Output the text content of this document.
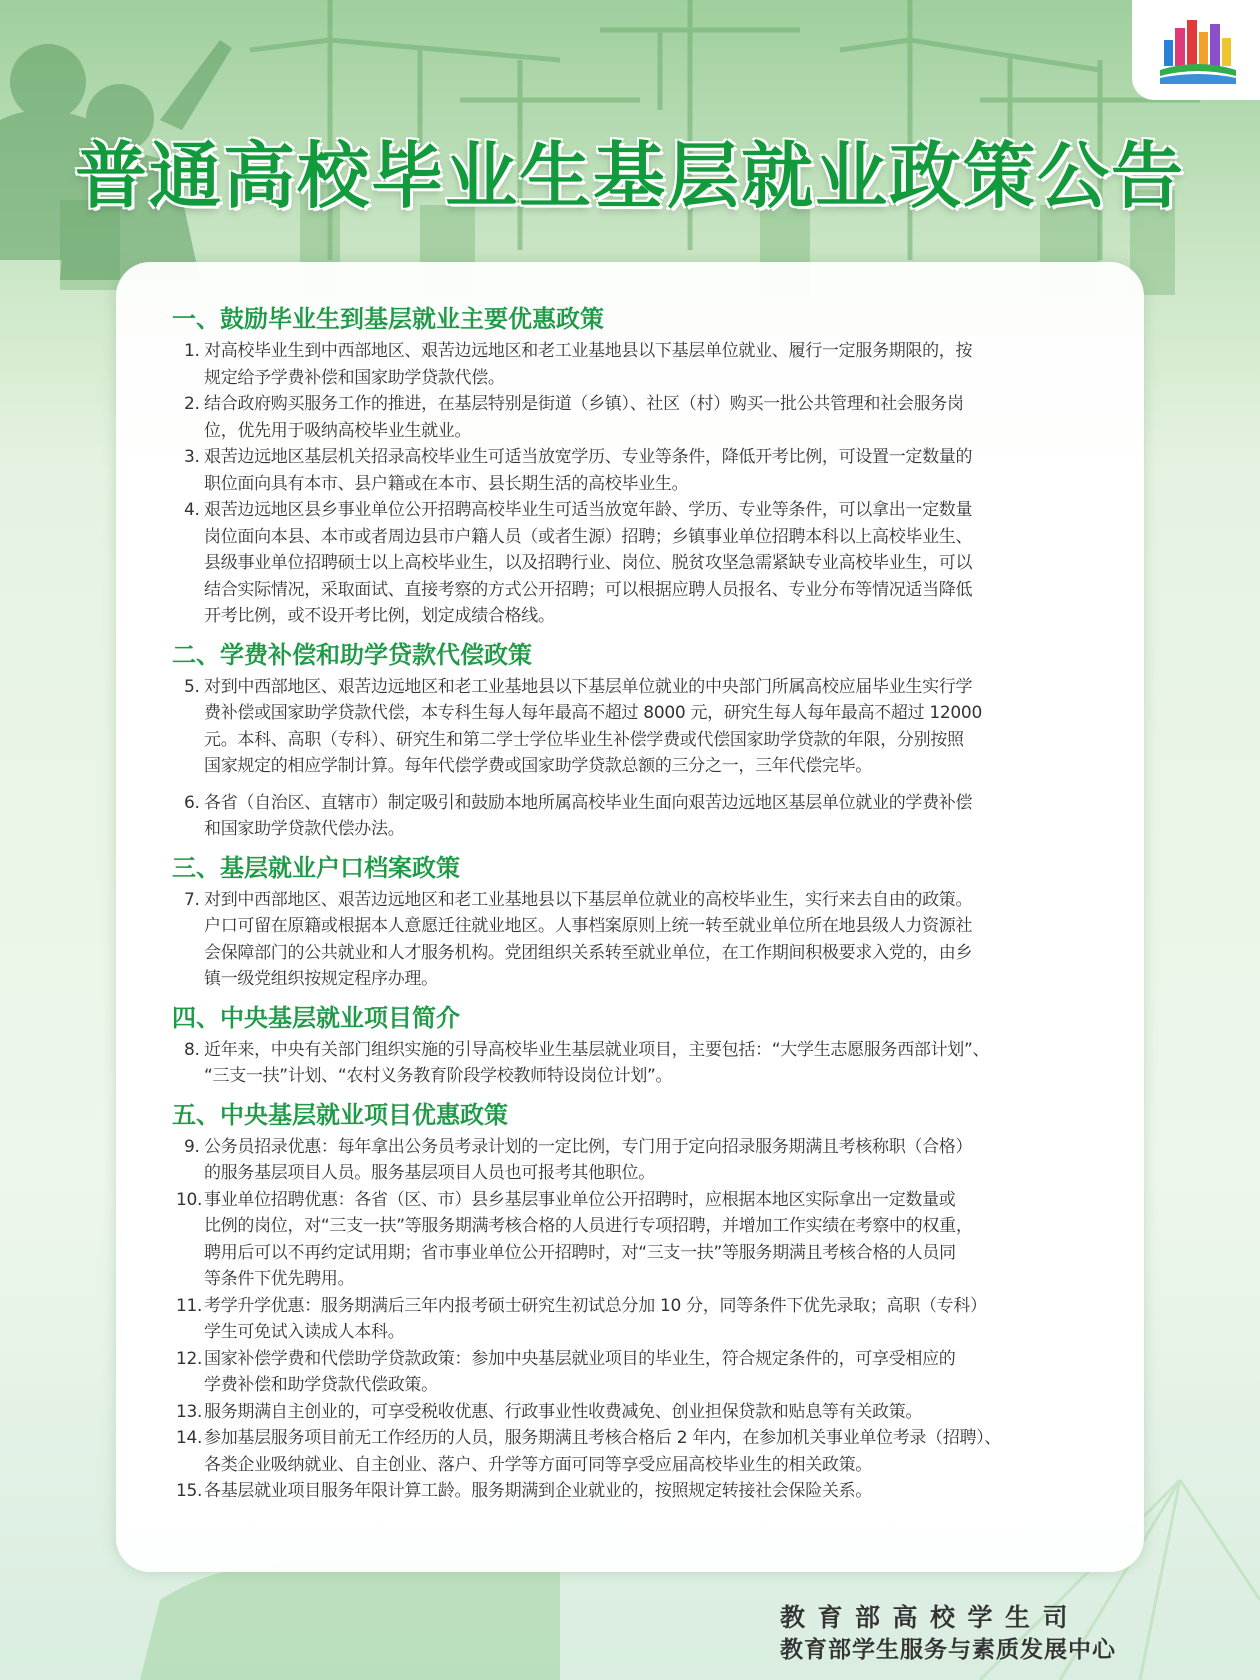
普通高校毕业生基层就业政策公告
一、鼓励毕业生到基层就业主要优惠政策
1. 对高校毕业生到中西部地区、艰苦边远地区和老工业基地县以下基层单位就业、履行一定服务期限的，按
规定给予学费补偿和国家助学贷款代偿。
2. 结合政府购买服务工作的推进，在基层特别是街道（乡镇）、社区（村）购买一批公共管理和社会服务岗
位，优先用于吸纳高校毕业生就业。
3. 艰苦边远地区基层机关招录高校毕业生可适当放宽学历、专业等条件，降低开考比例，可设置一定数量的
职位面向具有本市、县户籍或在本市、县长期生活的高校毕业生。
4. 艰苦边远地区县乡事业单位公开招聘高校毕业生可适当放宽年龄、学历、专业等条件，可以拿出一定数量
岗位面向本县、本市或者周边县市户籍人员（或者生源）招聘；乡镇事业单位招聘本科以上高校毕业生、
县级事业单位招聘硕士以上高校毕业生，以及招聘行业、岗位、脱贫攻坚急需紧缺专业高校毕业生，可以
结合实际情况，采取面试、直接考察的方式公开招聘；可以根据应聘人员报名、专业分布等情况适当降低
开考比例，或不设开考比例，划定成绩合格线。
二、学费补偿和助学贷款代偿政策
5. 对到中西部地区、艰苦边远地区和老工业基地县以下基层单位就业的中央部门所属高校应届毕业生实行学
费补偿或国家助学贷款代偿，本专科生每人每年最高不超过 8000 元，研究生每人每年最高不超过 12000
元。本科、高职（专科）、研究生和第二学士学位毕业生补偿学费或代偿国家助学贷款的年限，分别按照
国家规定的相应学制计算。每年代偿学费或国家助学贷款总额的三分之一，三年代偿完毕。
6. 各省（自治区、直辖市）制定吸引和鼓励本地所属高校毕业生面向艰苦边远地区基层单位就业的学费补偿
和国家助学贷款代偿办法。
三、基层就业户口档案政策
7. 对到中西部地区、艰苦边远地区和老工业基地县以下基层单位就业的高校毕业生，实行来去自由的政策。
户口可留在原籍或根据本人意愿迁往就业地区。人事档案原则上统一转至就业单位所在地县级人力资源社
会保障部门的公共就业和人才服务机构。党团组织关系转至就业单位，在工作期间积极要求入党的，由乡
镇一级党组织按规定程序办理。
四、中央基层就业项目简介
8. 近年来，中央有关部门组织实施的引导高校毕业生基层就业项目，主要包括：“大学生志愿服务西部计划”、
“三支一扶”计划、“农村义务教育阶段学校教师特设岗位计划”。
五、中央基层就业项目优惠政策
9. 公务员招录优惠：每年拿出公务员考录计划的一定比例，专门用于定向招录服务期满且考核称职（合格）
的服务基层项目人员。服务基层项目人员也可报考其他职位。
10. 事业单位招聘优惠：各省（区、市）县乡基层事业单位公开招聘时，应根据本地区实际拿出一定数量或
比例的岗位，对“三支一扶”等服务期满考核合格的人员进行专项招聘，并增加工作实绩在考察中的权重，
聘用后可以不再约定试用期；省市事业单位公开招聘时，对“三支一扶”等服务期满且考核合格的人员同
等条件下优先聘用。
11. 考学升学优惠：服务期满后三年内报考硕士研究生初试总分加 10 分，同等条件下优先录取；高职（专科）
学生可免试入读成人本科。
12. 国家补偿学费和代偿助学贷款政策：参加中央基层就业项目的毕业生，符合规定条件的，可享受相应的
学费补偿和助学贷款代偿政策。
13. 服务期满自主创业的，可享受税收优惠、行政事业性收费减免、创业担保贷款和贴息等有关政策。
14. 参加基层服务项目前无工作经历的人员，服务期满且考核合格后 2 年内，在参加机关事业单位考录（招聘）、
各类企业吸纳就业、自主创业、落户、升学等方面可同等享受应届高校毕业生的相关政策。
15. 各基层就业项目服务年限计算工龄。服务期满到企业就业的，按照规定转接社会保险关系。
教育部高校学生司
教育部学生服务与素质发展中心
